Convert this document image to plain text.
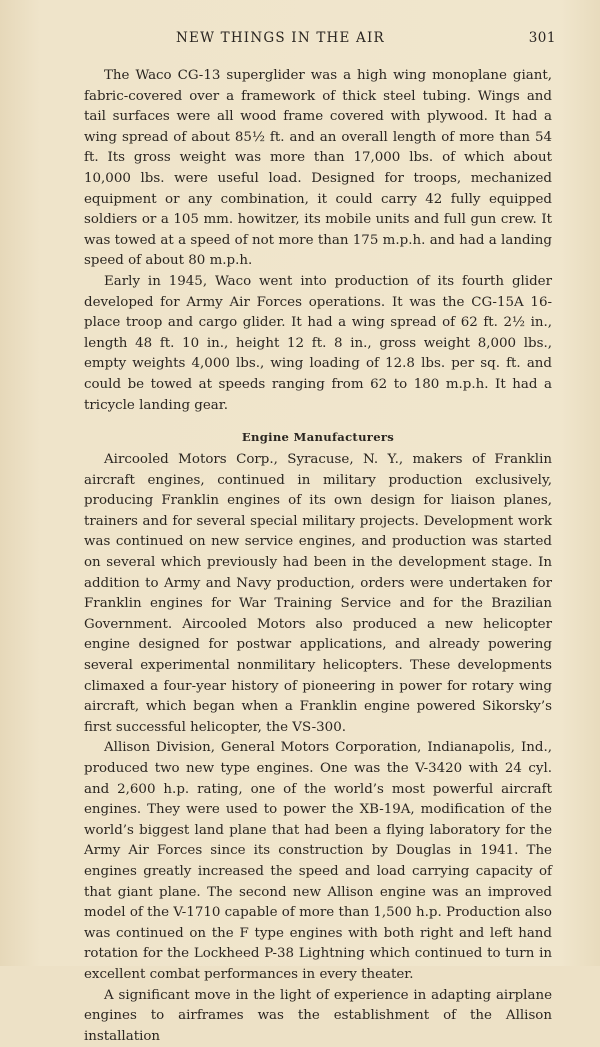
NEW THINGS IN THE AIR	301

The Waco CG-13 superglider was a high wing monoplane giant, fabric-covered over a framework of thick steel tubing. Wings and tail surfaces were all wood frame covered with plywood. It had a wing spread of about 85½ ft. and an overall length of more than 54 ft. Its gross weight was more than 17,000 lbs. of which about 10,000 lbs. were useful load. Designed for troops, mechanized equipment or any combination, it could carry 42 fully equipped soldiers or a 105 mm. howitzer, its mobile units and full gun crew. It was towed at a speed of not more than 175 m.p.h. and had a landing speed of about 80 m.p.h.

Early in 1945, Waco went into production of its fourth glider developed for Army Air Forces operations. It was the CG-15A 16-place troop and cargo glider. It had a wing spread of 62 ft. 2½ in., length 48 ft. 10 in., height 12 ft. 8 in., gross weight 8,000 lbs., empty weights 4,000 lbs., wing loading of 12.8 lbs. per sq. ft. and could be towed at speeds ranging from 62 to 180 m.p.h. It had a tricycle landing gear.

Engine Manufacturers

Aircooled Motors Corp., Syracuse, N. Y., makers of Franklin aircraft engines, continued in military production exclusively, producing Franklin engines of its own design for liaison planes, trainers and for several special military projects. Development work was continued on new service engines, and production was started on several which previously had been in the development stage. In addition to Army and Navy production, orders were undertaken for Franklin engines for War Training Service and for the Brazilian Government. Aircooled Motors also produced a new helicopter engine designed for postwar applications, and already powering several experimental nonmilitary helicopters. These developments climaxed a four-year history of pioneering in power for rotary wing aircraft, which began when a Franklin engine powered Sikorsky’s first successful helicopter, the VS-300.

Allison Division, General Motors Corporation, Indianapolis, Ind., produced two new type engines. One was the V-3420 with 24 cyl. and 2,600 h.p. rating, one of the world’s most powerful aircraft engines. They were used to power the XB-19A, modification of the world’s biggest land plane that had been a flying laboratory for the Army Air Forces since its construction by Douglas in 1941. The engines greatly increased the speed and load carrying capacity of that giant plane. The second new Allison engine was an improved model of the V-1710 capable of more than 1,500 h.p. Production also was continued on the F type engines with both right and left hand rotation for the Lockheed P-38 Lightning which continued to turn in excellent combat performances in every theater.

A significant move in the light of experience in adapting airplane engines to airframes was the establishment of the Allison installation
